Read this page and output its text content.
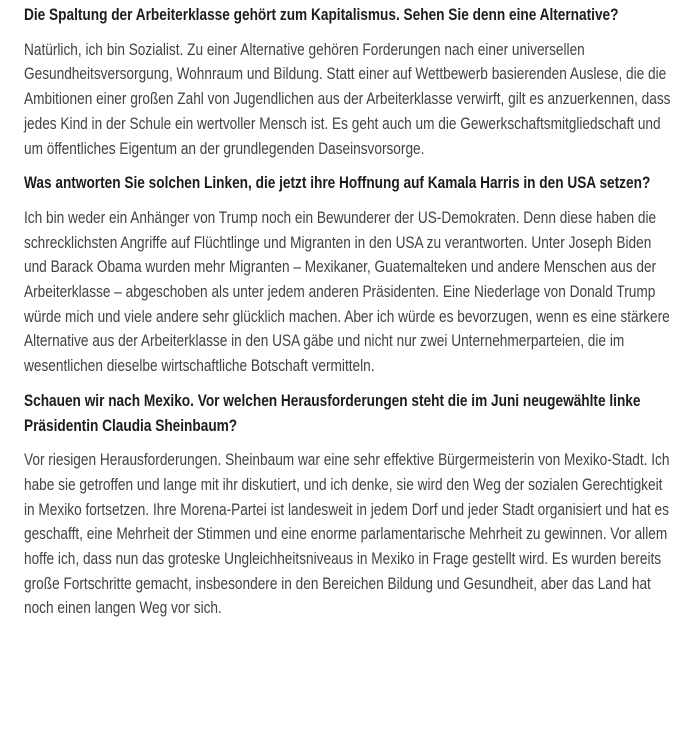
Die Spaltung der Arbeiterklasse gehört zum Kapitalismus. Sehen Sie denn eine Alternative?

Natürlich, ich bin Sozialist. Zu einer Alternative gehören Forderungen nach einer universellen Gesundheitsversorgung, Wohnraum und Bildung. Statt einer auf Wettbewerb basierenden Auslese, die die Ambitionen einer großen Zahl von Jugendlichen aus der Arbeiterklasse verwirft, gilt es anzuerkennen, dass jedes Kind in der Schule ein wertvoller Mensch ist. Es geht auch um die Gewerkschaftsmitgliedschaft und um öffentliches Eigentum an der grundlegenden Daseinsvorsorge.

Was antworten Sie solchen Linken, die jetzt ihre Hoffnung auf Kamala Harris in den USA setzen?

Ich bin weder ein Anhänger von Trump noch ein Bewunderer der US-Demokraten. Denn diese haben die schrecklichsten Angriffe auf Flüchtlinge und Migranten in den USA zu verantworten. Unter Joseph Biden und Barack Obama wurden mehr Migranten – Mexikaner, Guatemalteken und andere Menschen aus der Arbeiterklasse – abgeschoben als unter jedem anderen Präsidenten. Eine Niederlage von Donald Trump würde mich und viele andere sehr glücklich machen. Aber ich würde es bevorzugen, wenn es eine stärkere Alternative aus der Arbeiterklasse in den USA gäbe und nicht nur zwei Unternehmerparteien, die im wesentlichen dieselbe wirtschaftliche Botschaft vermitteln.

Schauen wir nach Mexiko. Vor welchen Herausforderungen steht die im Juni neugewählte linke Präsidentin Claudia Sheinbaum?

Vor riesigen Herausforderungen. Sheinbaum war eine sehr effektive Bürgermeisterin von Mexiko-Stadt. Ich habe sie getroffen und lange mit ihr diskutiert, und ich denke, sie wird den Weg der sozialen Gerechtigkeit in Mexiko fortsetzen. Ihre Morena-Partei ist landesweit in jedem Dorf und jeder Stadt organisiert und hat es geschafft, eine Mehrheit der Stimmen und eine enorme parlamentarische Mehrheit zu gewinnen. Vor allem hoffe ich, dass nun das groteske Ungleichheitsniveaus in Mexiko in Frage gestellt wird. Es wurden bereits große Fortschritte gemacht, insbesondere in den Bereichen Bildung und Gesundheit, aber das Land hat noch einen langen Weg vor sich.
